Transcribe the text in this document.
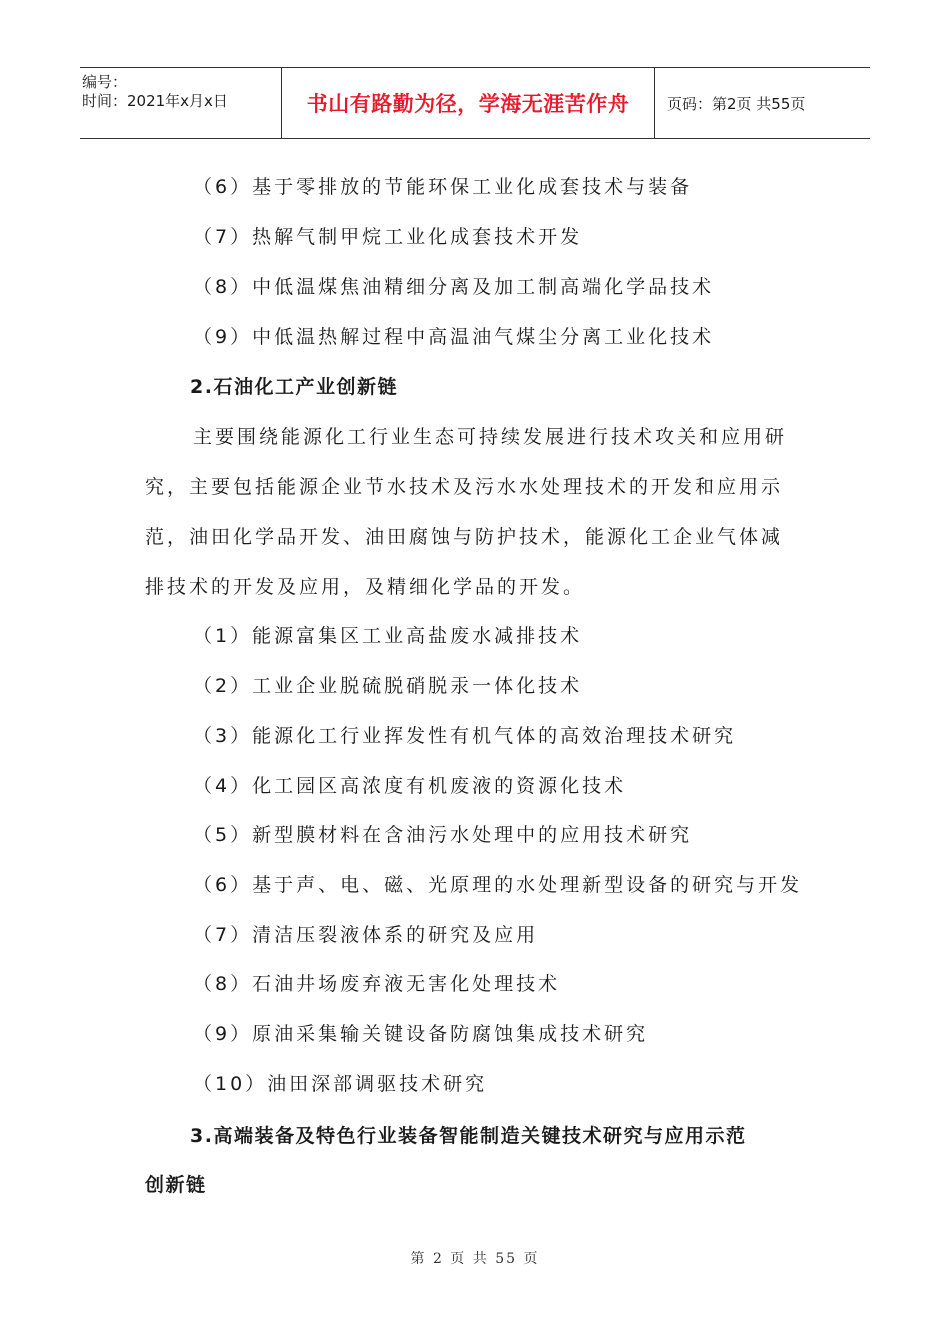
编号：
时间：2021年x月x日	书山有路勤为径，学海无涯苦作舟	页码：第2页 共55页
（6）基于零排放的节能环保工业化成套技术与装备
（7）热解气制甲烷工业化成套技术开发
（8）中低温煤焦油精细分离及加工制高端化学品技术
（9）中低温热解过程中高温油气煤尘分离工业化技术
2.石油化工产业创新链
主要围绕能源化工行业生态可持续发展进行技术攻关和应用研
究，主要包括能源企业节水技术及污水水处理技术的开发和应用示
范，油田化学品开发、油田腐蚀与防护技术，能源化工企业气体减
排技术的开发及应用，及精细化学品的开发。
（1）能源富集区工业高盐废水减排技术
（2）工业企业脱硫脱硝脱汞一体化技术
（3）能源化工行业挥发性有机气体的高效治理技术研究
（4）化工园区高浓度有机废液的资源化技术
（5）新型膜材料在含油污水处理中的应用技术研究
（6）基于声、电、磁、光原理的水处理新型设备的研究与开发
（7）清洁压裂液体系的研究及应用
（8）石油井场废弃液无害化处理技术
（9）原油采集输关键设备防腐蚀集成技术研究
（10）油田深部调驱技术研究
3.高端装备及特色行业装备智能制造关键技术研究与应用示范
创新链
第 2 页 共 55 页
